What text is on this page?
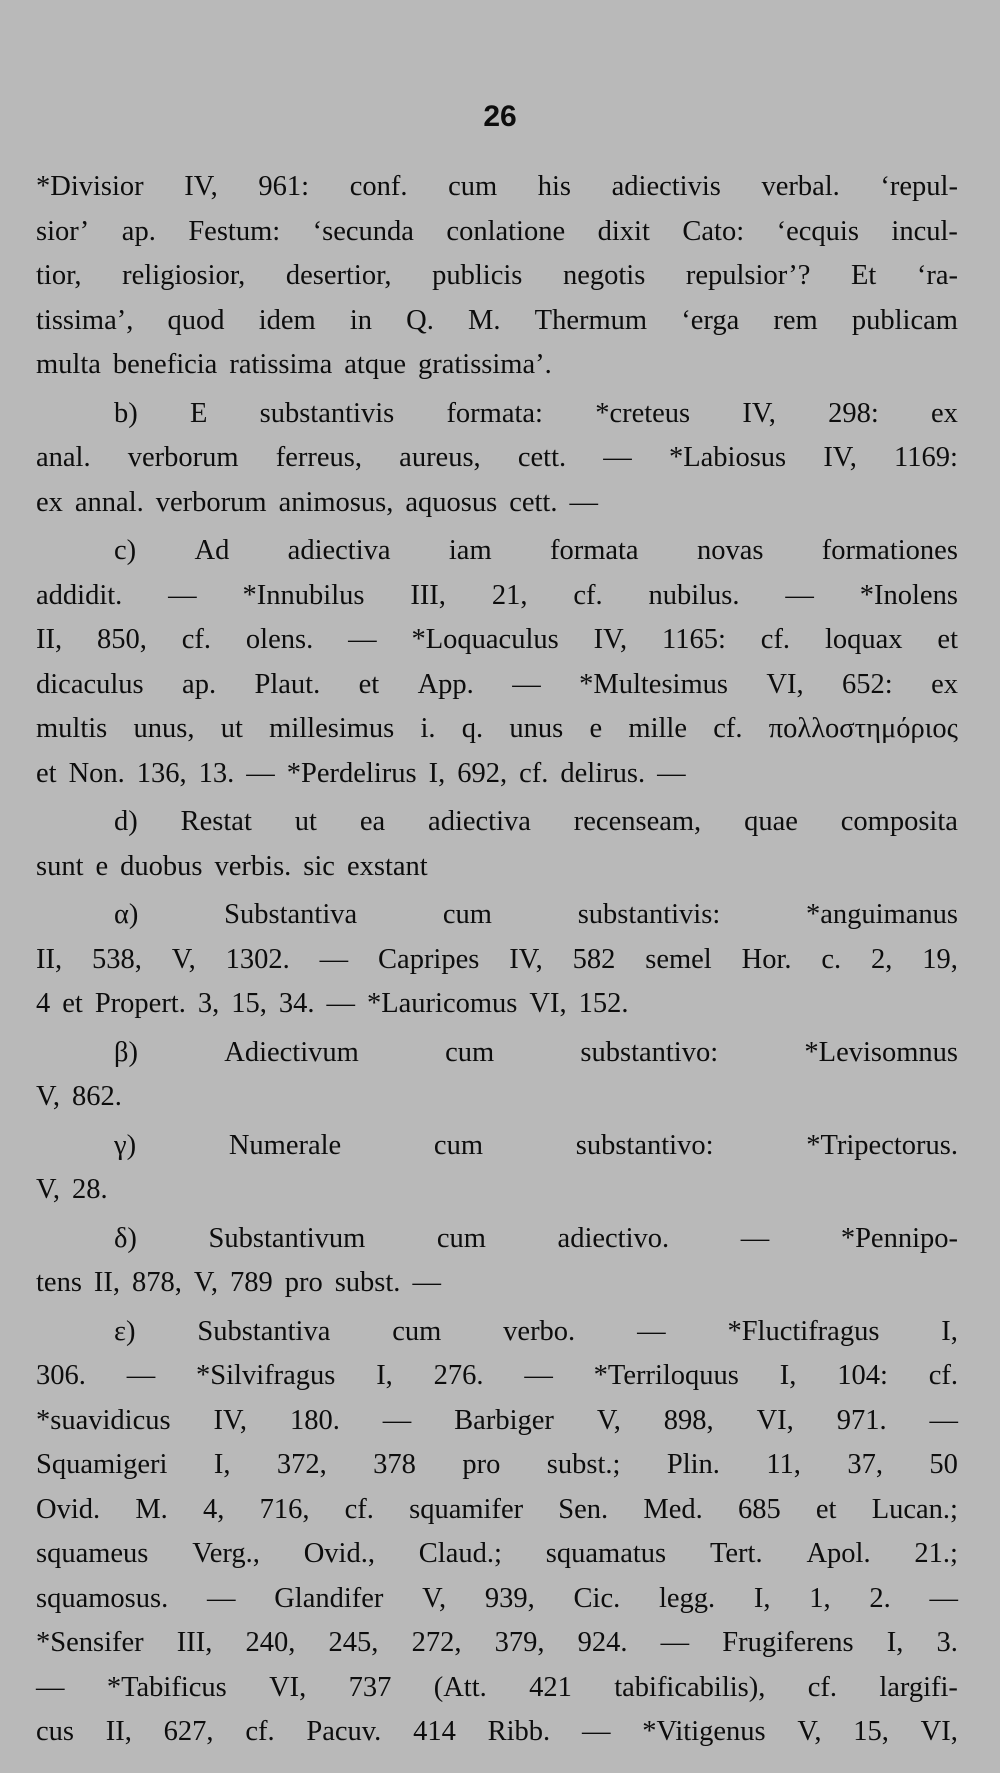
26
*Divisior IV, 961: conf. cum his adiectivis verbal. ‘repul-
sior’ ap. Festum: ‘secunda conlatione dixit Cato: ‘ecquis incul-
tior, religiosior, desertior, publicis negotis repulsior’? Et ‘ra-
tissima’, quod idem in Q. M. Thermum ‘erga rem publicam
multa beneficia ratissima atque gratissima’.
b) E substantivis formata: *creteus IV, 298: ex
anal. verborum ferreus, aureus, cett. — *Labiosus IV, 1169:
ex annal. verborum animosus, aquosus cett. —
c) Ad adiectiva iam formata novas formationes
addidit. — *Innubilus III, 21, cf. nubilus. — *Inolens
II, 850, cf. olens. — *Loquaculus IV, 1165: cf. loquax et
dicaculus ap. Plaut. et App. — *Multesimus VI, 652: ex
multis unus, ut millesimus i. q. unus e mille cf. πολλοστημόριος
et Non. 136, 13. — *Perdelirus I, 692, cf. delirus. —
d) Restat ut ea adiectiva recenseam, quae composita
sunt e duobus verbis. sic exstant
α)	Substantiva	cum	substantivis:	*anguimanus
II, 538, V, 1302. — Capripes IV, 582 semel Hor. c. 2, 19,
4 et Propert. 3, 15, 34. — *Lauricomus VI, 152.
β)	Adiectivum	cum	substantivo:	*Levisomnus
V, 862.
γ)	Numerale	cum	substantivo:	*Tripectorus.
V, 28.
δ)	Substantivum	cum	adiectivo.	—	*Pennipo-
tens II, 878, V, 789 pro subst. —
ε) Substantiva cum verbo. — *Fluctifragus I,
306. — *Silvifragus I, 276. — *Terriloquus I, 104: cf.
*suavidicus IV, 180. — Barbiger V, 898, VI, 971. —
Squamigeri I, 372, 378 pro subst.; Plin. 11, 37, 50
Ovid. M. 4, 716, cf. squamifer Sen. Med. 685 et Lucan.;
squameus Verg., Ovid., Claud.; squamatus Tert. Apol. 21.;
squamosus. — Glandifer V, 939, Cic. legg. I, 1, 2. —
*Sensifer III, 240, 245, 272, 379, 924. — Frugiferens I, 3.
— *Tabificus VI, 737 (Att. 421 tabificabilis), cf. largifi-
cus II, 627, cf. Pacuv. 414 Ribb. — *Vitigenus V, 15, VI,
